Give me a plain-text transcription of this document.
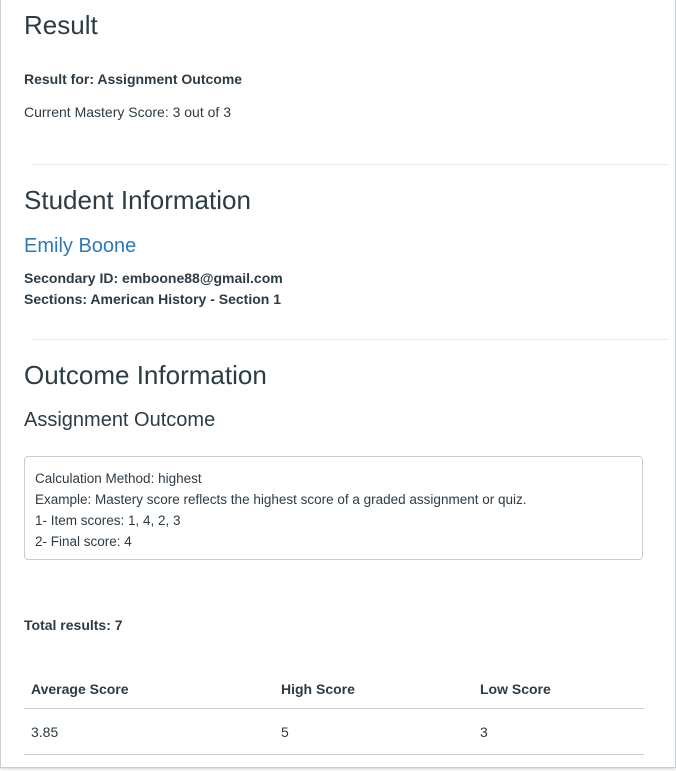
Result
Result for: Assignment Outcome
Current Mastery Score: 3 out of 3
Student Information
Emily Boone
Secondary ID: emboone88@gmail.com
Sections: American History - Section 1
Outcome Information
Assignment Outcome
Calculation Method: highest
Example: Mastery score reflects the highest score of a graded assignment or quiz.
1- Item scores: 1, 4, 2, 3
2- Final score: 4
Total results: 7
Average Score	High Score	Low Score
3.85	5	3
